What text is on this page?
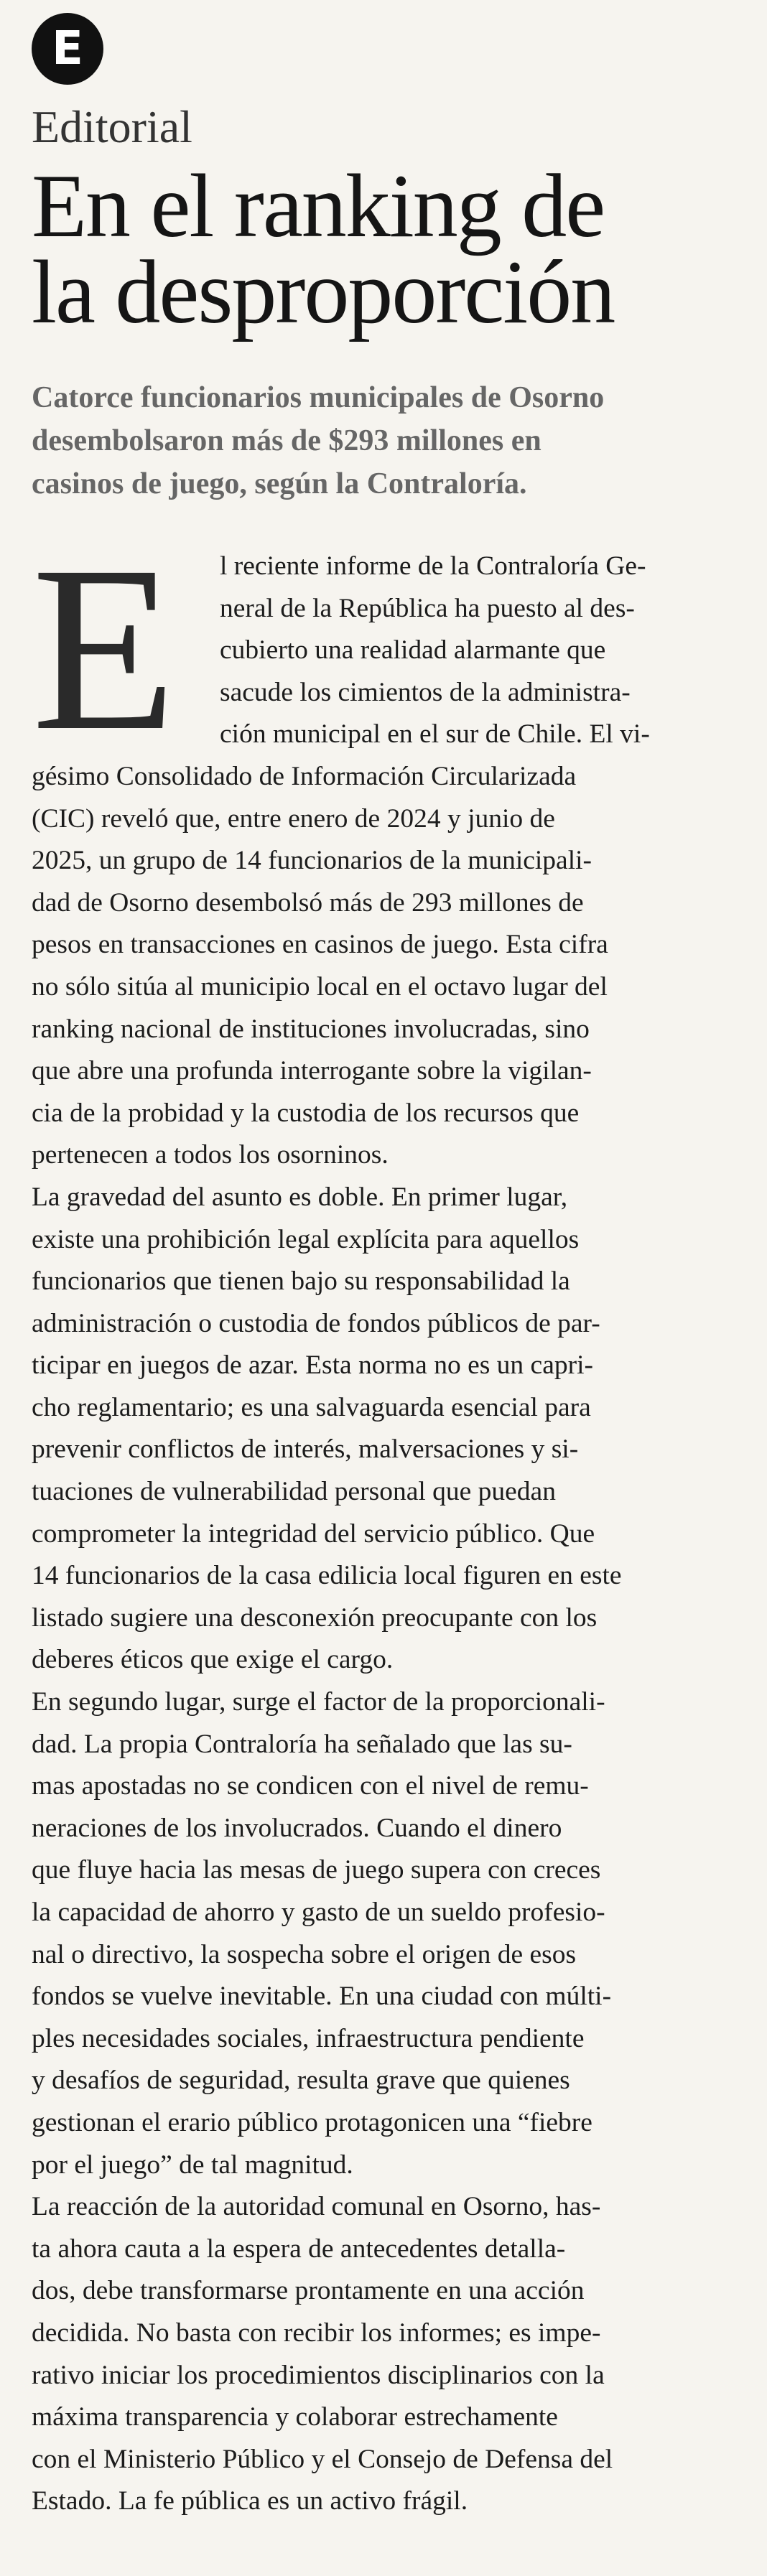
E
Editorial
En el ranking de
la desproporción
Catorce funcionarios municipales de Osorno
desembolsaron más de $293 millones en
casinos de juego, según la Contraloría.
E	l reciente informe de la Contraloría Ge-
neral de la República ha puesto al des-
cubierto una realidad alarmante que
sacude los cimientos de la administra-
ción municipal en el sur de Chile. El vi-
gésimo Consolidado de Información Circularizada
(CIC) reveló que, entre enero de 2024 y junio de
2025, un grupo de 14 funcionarios de la municipali-
dad de Osorno desembolsó más de 293 millones de
pesos en transacciones en casinos de juego. Esta cifra
no sólo sitúa al municipio local en el octavo lugar del
ranking nacional de instituciones involucradas, sino
que abre una profunda interrogante sobre la vigilan-
cia de la probidad y la custodia de los recursos que
pertenecen a todos los osorninos.
La gravedad del asunto es doble. En primer lugar,
existe una prohibición legal explícita para aquellos
funcionarios que tienen bajo su responsabilidad la
administración o custodia de fondos públicos de par-
ticipar en juegos de azar. Esta norma no es un capri-
cho reglamentario; es una salvaguarda esencial para
prevenir conflictos de interés, malversaciones y si-
tuaciones de vulnerabilidad personal que puedan
comprometer la integridad del servicio público. Que
14 funcionarios de la casa edilicia local figuren en este
listado sugiere una desconexión preocupante con los
deberes éticos que exige el cargo.
En segundo lugar, surge el factor de la proporcionali-
dad. La propia Contraloría ha señalado que las su-
mas apostadas no se condicen con el nivel de remu-
neraciones de los involucrados. Cuando el dinero
que fluye hacia las mesas de juego supera con creces
la capacidad de ahorro y gasto de un sueldo profesio-
nal o directivo, la sospecha sobre el origen de esos
fondos se vuelve inevitable. En una ciudad con múlti-
ples necesidades sociales, infraestructura pendiente
y desafíos de seguridad, resulta grave que quienes
gestionan el erario público protagonicen una “fiebre
por el juego” de tal magnitud.
La reacción de la autoridad comunal en Osorno, has-
ta ahora cauta a la espera de antecedentes detalla-
dos, debe transformarse prontamente en una acción
decidida. No basta con recibir los informes; es impe-
rativo iniciar los procedimientos disciplinarios con la
máxima transparencia y colaborar estrechamente
con el Ministerio Público y el Consejo de Defensa del
Estado. La fe pública es un activo frágil.
